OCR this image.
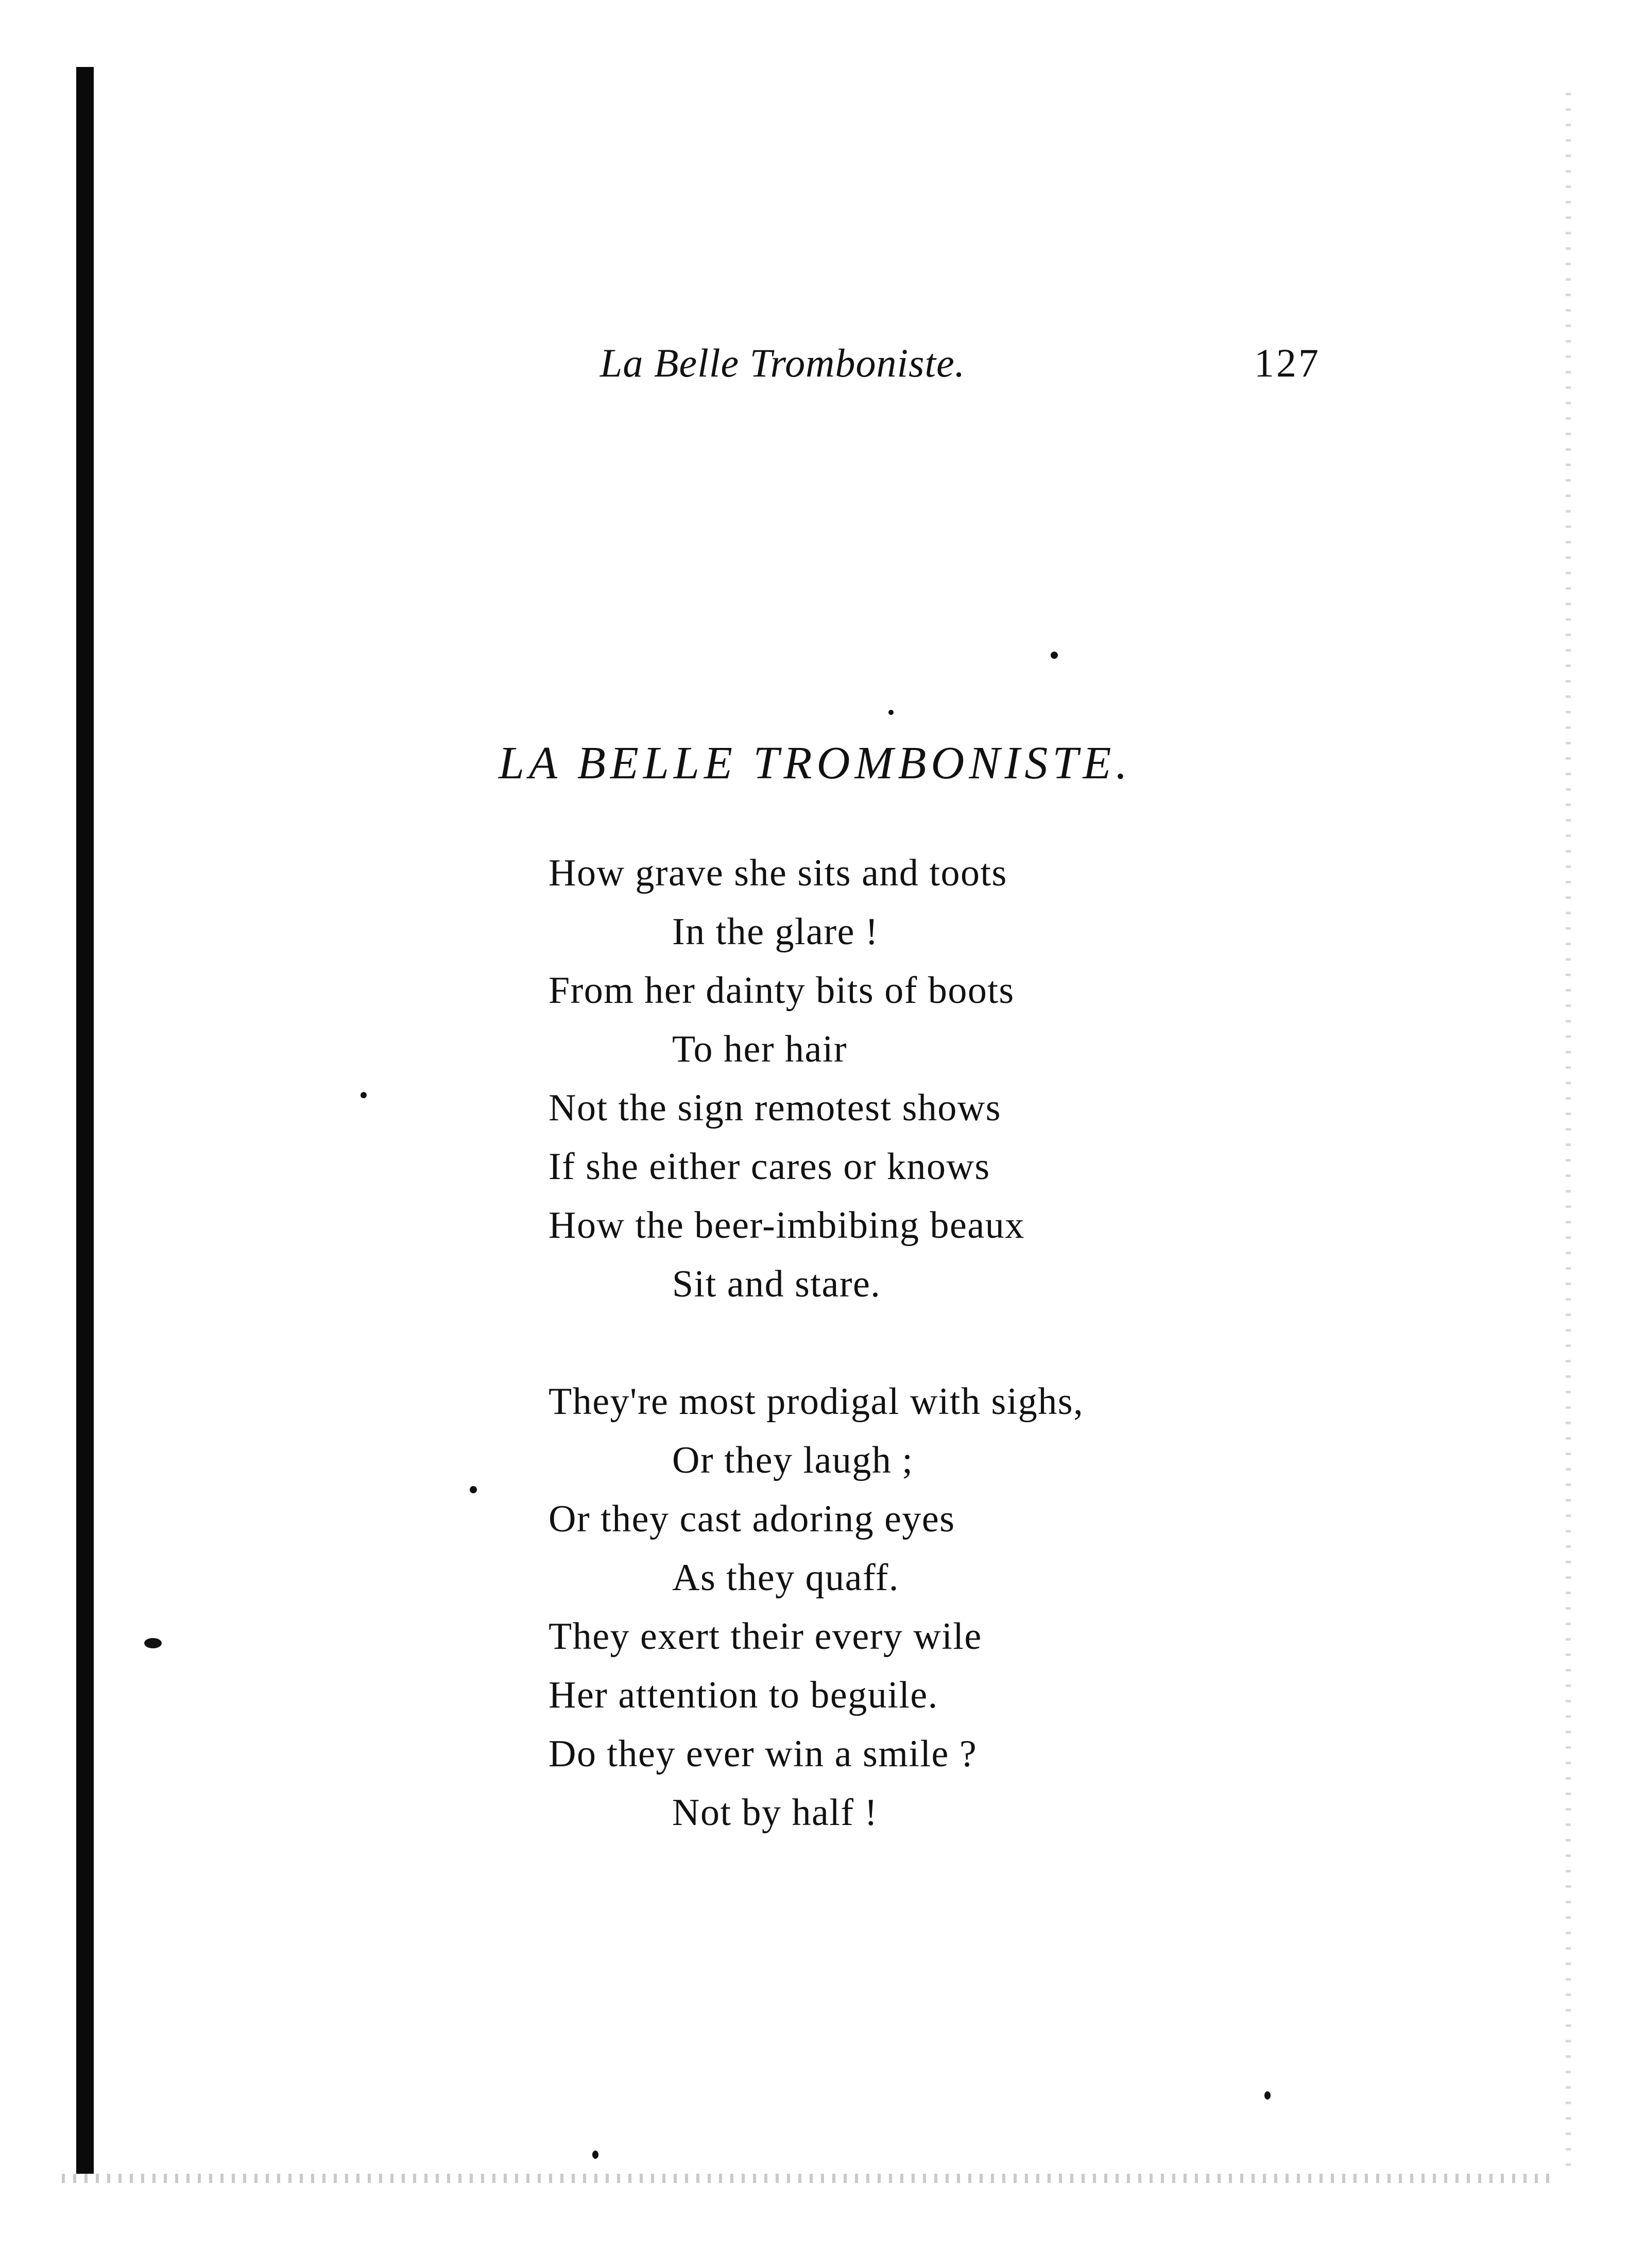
La Belle Tromboniste.	127
LA BELLE TROMBONISTE.
How grave she sits and toots
In the glare !
From her dainty bits of boots
To her hair
Not the sign remotest shows
If she either cares or knows
How the beer-imbibing beaux
Sit and stare.
They're most prodigal with sighs,
Or they laugh ;
Or they cast adoring eyes
As they quaff.
They exert their every wile
Her attention to beguile.
Do they ever win a smile ?
Not by half !
